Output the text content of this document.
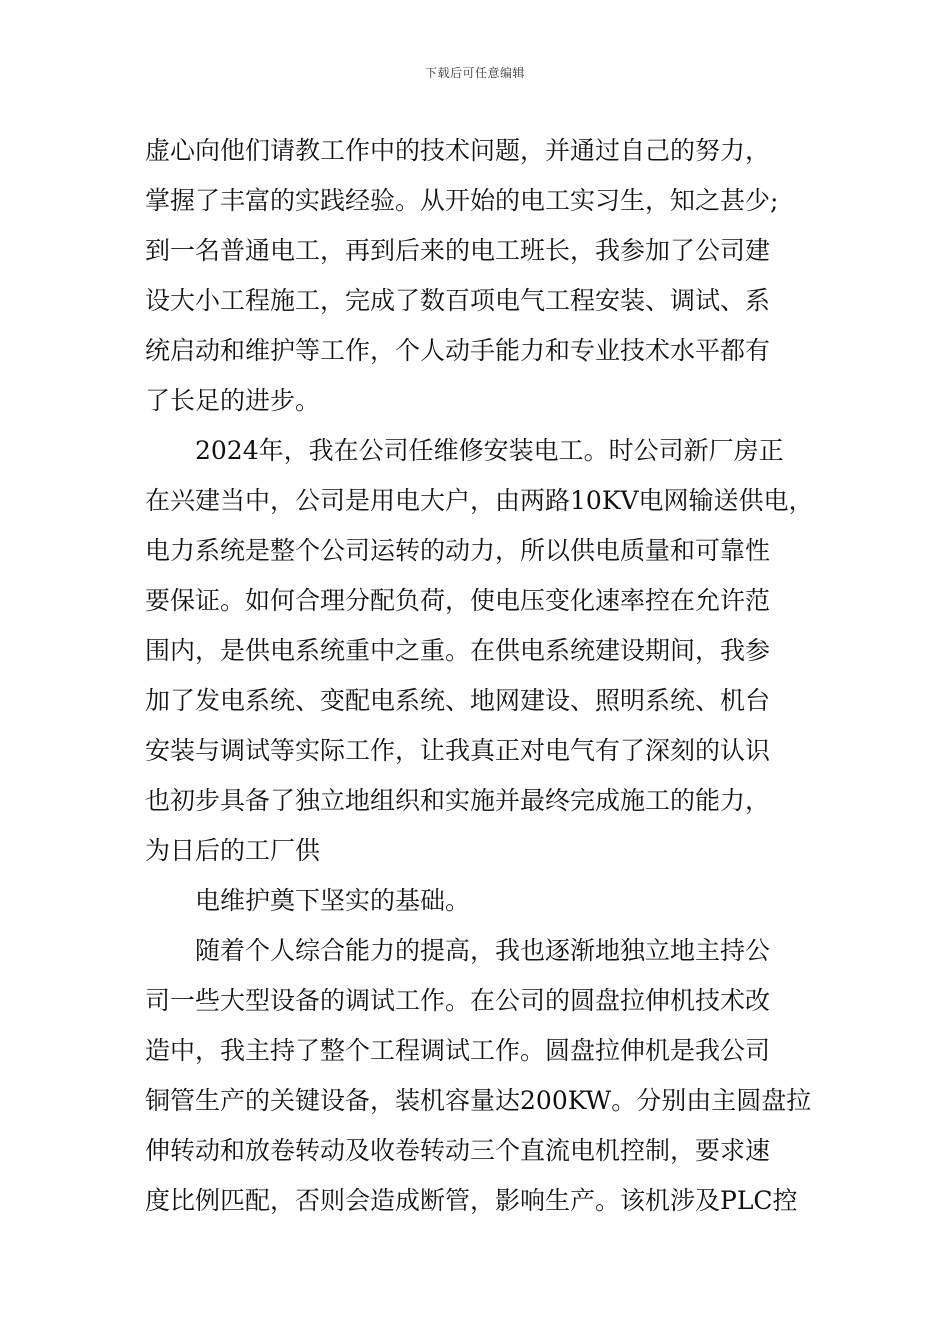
下载后可任意编辑
虚心向他们请教工作中的技术问题，并通过自己的努力，
掌握了丰富的实践经验。从开始的电工实习生，知之甚少;
到一名普通电工，再到后来的电工班长，我参加了公司建
设大小工程施工，完成了数百项电气工程安装、调试、系
统启动和维护等工作，个人动手能力和专业技术水平都有
了长足的进步。
2024年，我在公司任维修安装电工。时公司新厂房正
在兴建当中，公司是用电大户，由两路10KV电网输送供电，
电力系统是整个公司运转的动力，所以供电质量和可靠性
要保证。如何合理分配负荷，使电压变化速率控在允许范
围内，是供电系统重中之重。在供电系统建设期间，我参
加了发电系统、变配电系统、地网建设、照明系统、机台
安装与调试等实际工作，让我真正对电气有了深刻的认识
也初步具备了独立地组织和实施并最终完成施工的能力，
为日后的工厂供
电维护奠下坚实的基础。
随着个人综合能力的提高，我也逐渐地独立地主持公
司一些大型设备的调试工作。在公司的圆盘拉伸机技术改
造中，我主持了整个工程调试工作。圆盘拉伸机是我公司
铜管生产的关键设备，装机容量达200KW。分别由主圆盘拉
伸转动和放卷转动及收卷转动三个直流电机控制，要求速
度比例匹配，否则会造成断管，影响生产。该机涉及PLC控
